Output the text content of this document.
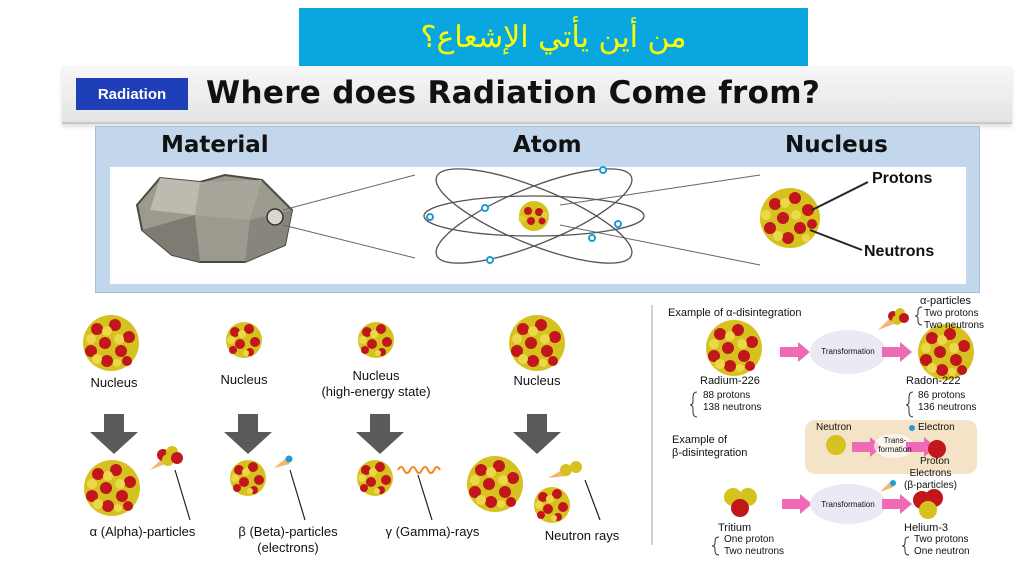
من أين يأتي الإشعاع؟
Radiation	Where does Radiation Come from?
Material	Atom	Nucleus
Protons
Neutrons
Nucleus	Nucleus	Nucleus
(high-energy state)
Nucleus
α (Alpha)-particles	β (Beta)-particles
(electrons)
γ (Gamma)-rays	Neutron rays
Example of α-disintegration
α-particles
Two protons
Two neutrons
Transformation
Radium-226
88 protons
138 neutrons
Radon-222
86 protons
136 neutrons
Example of
β-disintegration
Neutron	Electron
Trans-
formation
Proton
Electrons
(β-particles)
Transformation
Tritium
One proton
Two neutrons
Helium-3
Two protons
One neutron
